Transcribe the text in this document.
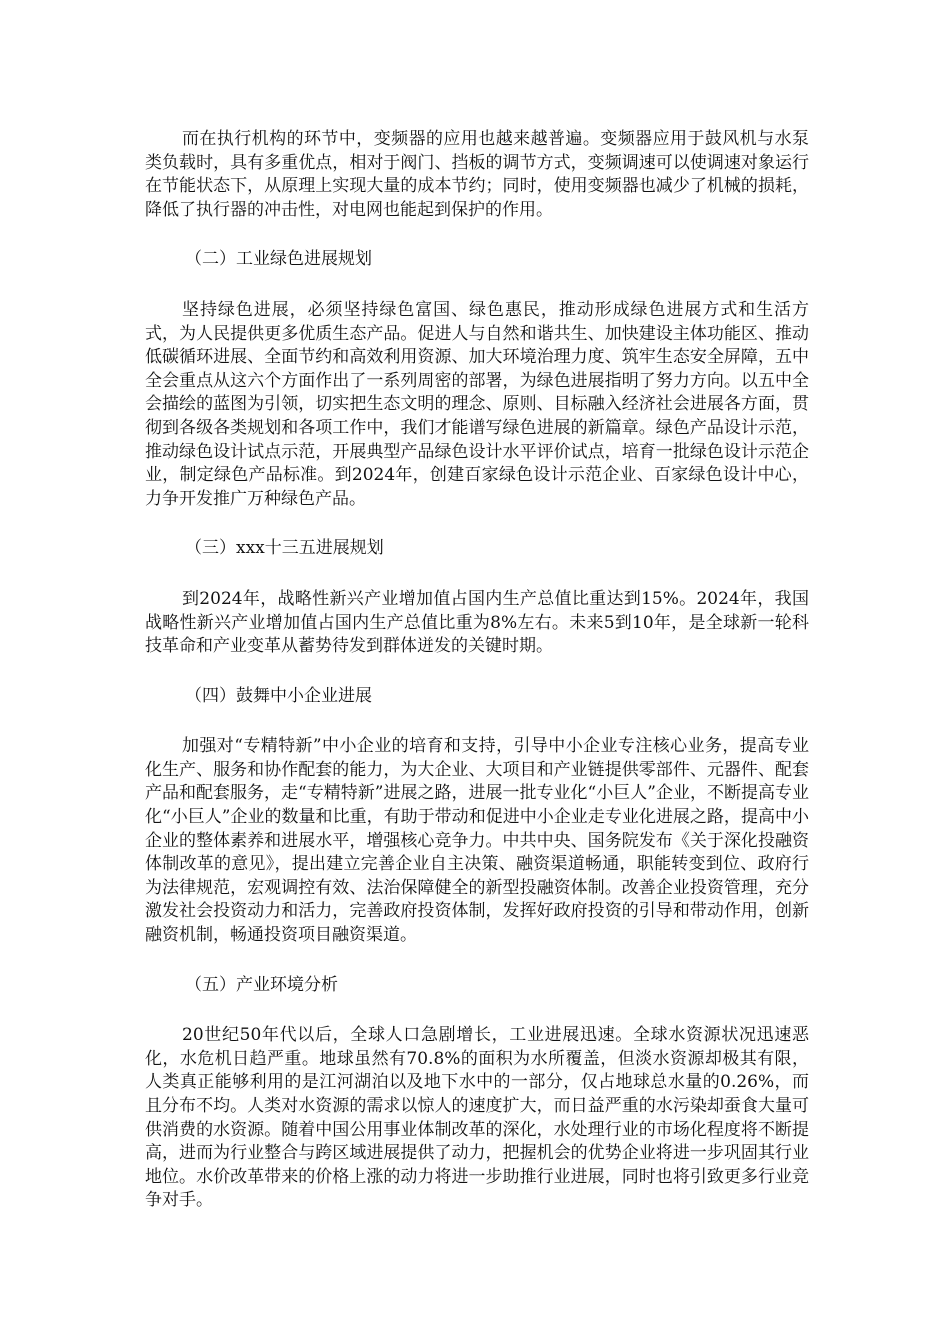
而在执行机构的环节中，变频器的应用也越来越普遍。变频器应用于鼓风机与水泵类负载时，具有多重优点，相对于阀门、挡板的调节方式，变频调速可以使调速对象运行在节能状态下，从原理上实现大量的成本节约；同时，使用变频器也减少了机械的损耗，降低了执行器的冲击性，对电网也能起到保护的作用。

（二）工业绿色进展规划

坚持绿色进展，必须坚持绿色富国、绿色惠民，推动形成绿色进展方式和生活方式，为人民提供更多优质生态产品。促进人与自然和谐共生、加快建设主体功能区、推动低碳循环进展、全面节约和高效利用资源、加大环境治理力度、筑牢生态安全屏障，五中全会重点从这六个方面作出了一系列周密的部署，为绿色进展指明了努力方向。以五中全会描绘的蓝图为引领，切实把生态文明的理念、原则、目标融入经济社会进展各方面，贯彻到各级各类规划和各项工作中，我们才能谱写绿色进展的新篇章。绿色产品设计示范，推动绿色设计试点示范，开展典型产品绿色设计水平评价试点，培育一批绿色设计示范企业，制定绿色产品标准。到2024年，创建百家绿色设计示范企业、百家绿色设计中心，力争开发推广万种绿色产品。

（三）xxx十三五进展规划

到2024年，战略性新兴产业增加值占国内生产总值比重达到15%。2024年，我国战略性新兴产业增加值占国内生产总值比重为8%左右。未来5到10年，是全球新一轮科技革命和产业变革从蓄势待发到群体迸发的关键时期。

（四）鼓舞中小企业进展

加强对“专精特新”中小企业的培育和支持，引导中小企业专注核心业务，提高专业化生产、服务和协作配套的能力，为大企业、大项目和产业链提供零部件、元器件、配套产品和配套服务，走“专精特新”进展之路，进展一批专业化“小巨人”企业，不断提高专业化“小巨人”企业的数量和比重，有助于带动和促进中小企业走专业化进展之路，提高中小企业的整体素养和进展水平，增强核心竞争力。中共中央、国务院发布《关于深化投融资体制改革的意见》，提出建立完善企业自主决策、融资渠道畅通，职能转变到位、政府行为法律规范，宏观调控有效、法治保障健全的新型投融资体制。改善企业投资管理，充分激发社会投资动力和活力，完善政府投资体制，发挥好政府投资的引导和带动作用，创新融资机制，畅通投资项目融资渠道。

（五）产业环境分析

20世纪50年代以后，全球人口急剧增长，工业进展迅速。全球水资源状况迅速恶化，水危机日趋严重。地球虽然有70.8%的面积为水所覆盖，但淡水资源却极其有限，人类真正能够利用的是江河湖泊以及地下水中的一部分，仅占地球总水量的0.26%，而且分布不均。人类对水资源的需求以惊人的速度扩大，而日益严重的水污染却蚕食大量可供消费的水资源。随着中国公用事业体制改革的深化，水处理行业的市场化程度将不断提高，进而为行业整合与跨区域进展提供了动力，把握机会的优势企业将进一步巩固其行业地位。水价改革带来的价格上涨的动力将进一步助推行业进展，同时也将引致更多行业竞争对手。
